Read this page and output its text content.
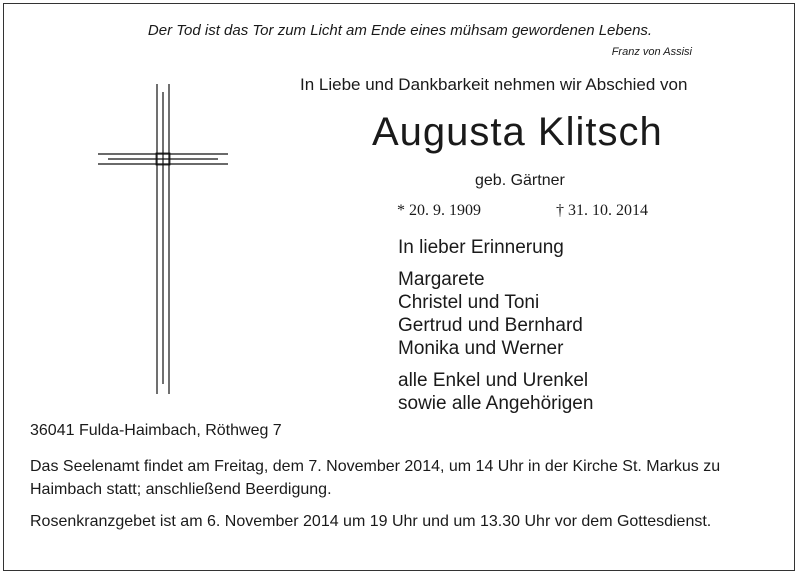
Der Tod ist das Tor zum Licht am Ende eines mühsam gewordenen Lebens.
Franz von Assisi
In Liebe und Dankbarkeit nehmen wir Abschied von
Augusta Klitsch
geb. Gärtner
* 20. 9. 1909	† 31. 10. 2014
In lieber Erinnerung
Margarete
Christel und Toni
Gertrud und Bernhard
Monika und Werner
alle Enkel und Urenkel
sowie alle Angehörigen
36041 Fulda-Haimbach, Röthweg 7
Das Seelenamt findet am Freitag, dem 7. November 2014, um 14 Uhr in der Kirche St. Markus zu Haimbach statt; anschließend Beerdigung.
Rosenkranzgebet ist am 6. November 2014 um 19 Uhr und um 13.30 Uhr vor dem Gottesdienst.
